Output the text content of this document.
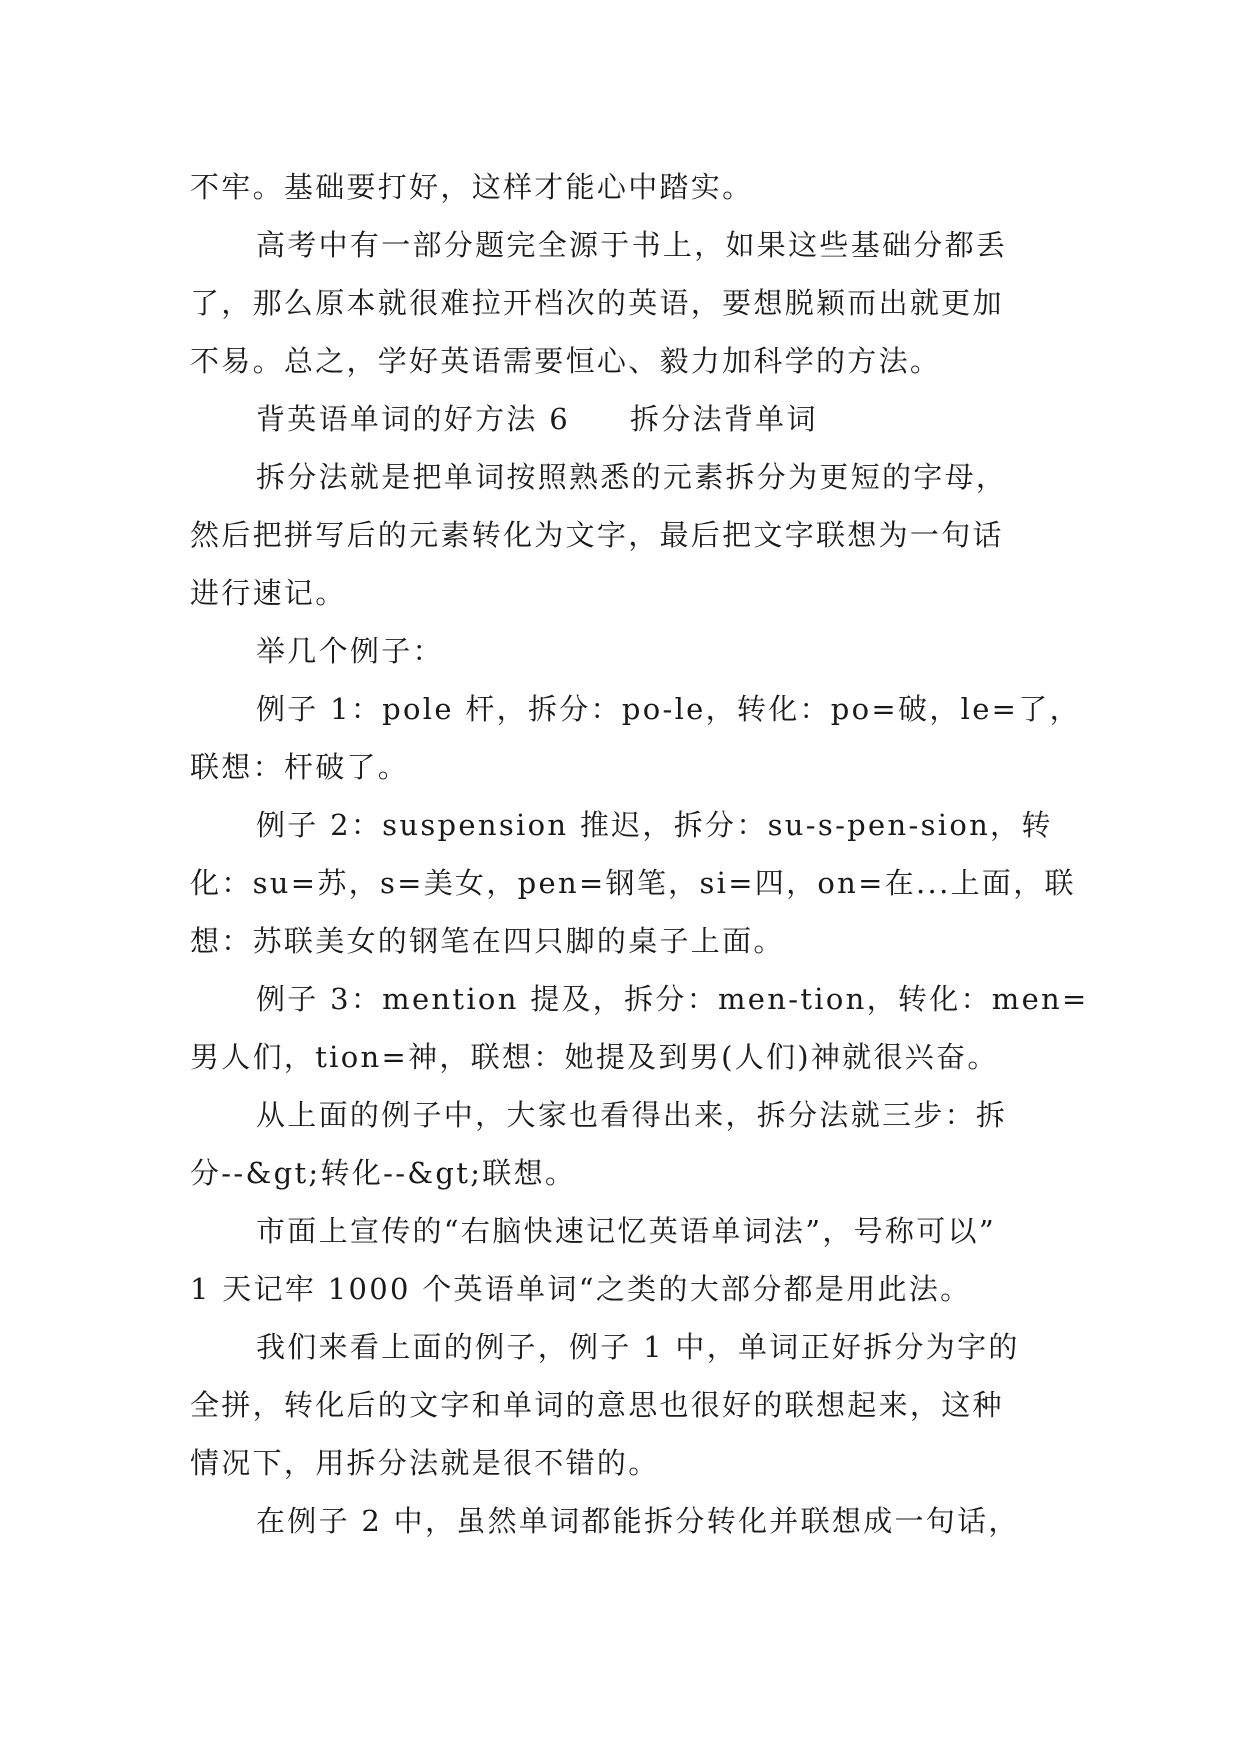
不牢。基础要打好，这样才能心中踏实。

高考中有一部分题完全源于书上，如果这些基础分都丢

了，那么原本就很难拉开档次的英语，要想脱颖而出就更加

不易。总之，学好英语需要恒心、毅力加科学的方法。

背英语单词的好方法 6 拆分法背单词

拆分法就是把单词按照熟悉的元素拆分为更短的字母，

然后把拼写后的元素转化为文字，最后把文字联想为一句话

进行速记。

举几个例子：

例子 1：pole 杆，拆分：po-le，转化：po=破，le=了，

联想：杆破了。

例子 2：suspension 推迟，拆分：su-s-pen-sion，转

化：su=苏，s=美女，pen=钢笔，si=四，on=在...上面，联

想：苏联美女的钢笔在四只脚的桌子上面。

例子 3：mention 提及，拆分：men-tion，转化：men=

男人们，tion=神，联想：她提及到男(人们)神就很兴奋。

从上面的例子中，大家也看得出来，拆分法就三步：拆

分--&gt;转化--&gt;联想。

市面上宣传的“右脑快速记忆英语单词法”，号称可以”

1 天记牢 1000 个英语单词“之类的大部分都是用此法。

我们来看上面的例子，例子 1 中，单词正好拆分为字的

全拼，转化后的文字和单词的意思也很好的联想起来，这种

情况下，用拆分法就是很不错的。

在例子 2 中，虽然单词都能拆分转化并联想成一句话，
